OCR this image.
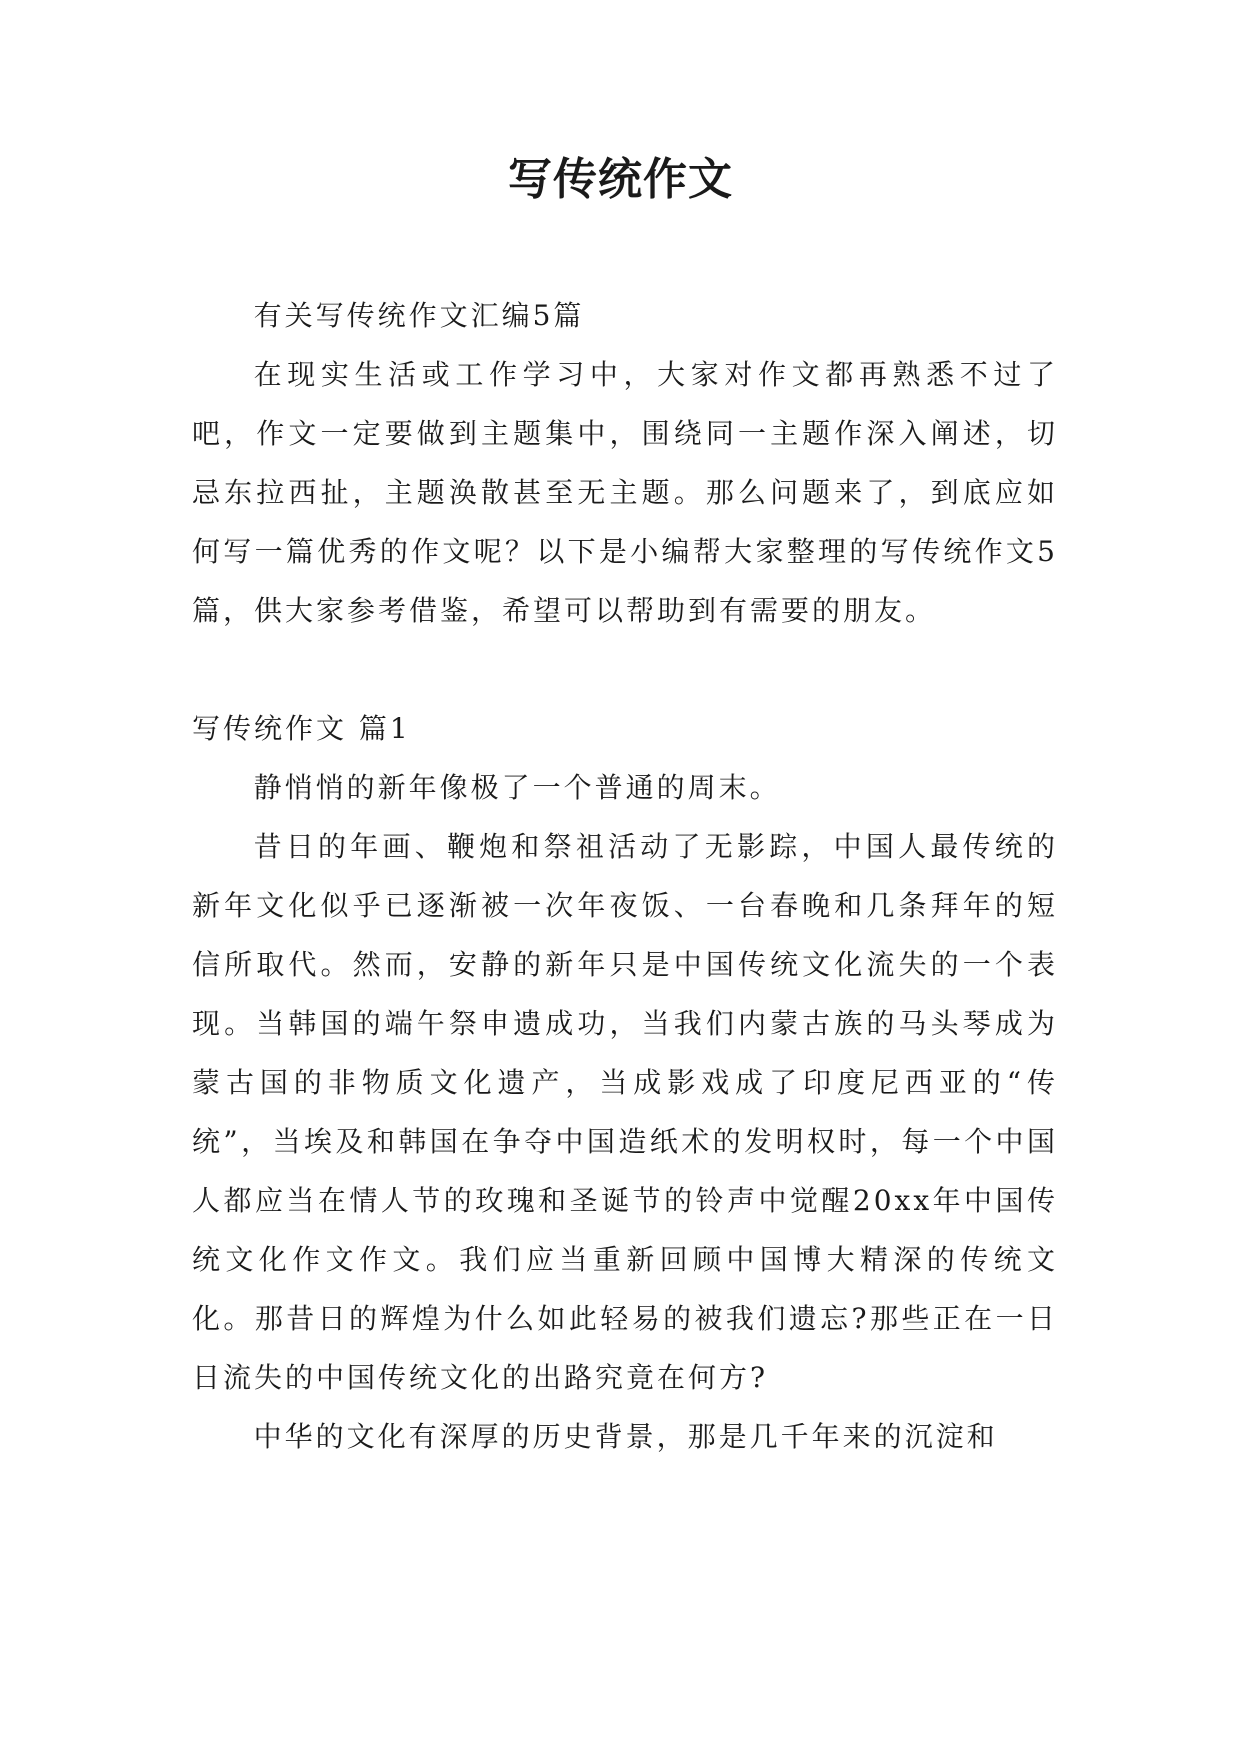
写传统作文

有关写传统作文汇编5篇

在现实生活或工作学习中，大家对作文都再熟悉不过了吧，作文一定要做到主题集中，围绕同一主题作深入阐述，切忌东拉西扯，主题涣散甚至无主题。那么问题来了，到底应如何写一篇优秀的作文呢？以下是小编帮大家整理的写传统作文5篇，供大家参考借鉴，希望可以帮助到有需要的朋友。

写传统作文 篇1

静悄悄的新年像极了一个普通的周末。

昔日的年画、鞭炮和祭祖活动了无影踪，中国人最传统的新年文化似乎已逐渐被一次年夜饭、一台春晚和几条拜年的短信所取代。然而，安静的新年只是中国传统文化流失的一个表现。当韩国的端午祭申遗成功，当我们内蒙古族的马头琴成为蒙古国的非物质文化遗产，当成影戏成了印度尼西亚的“传统”，当埃及和韩国在争夺中国造纸术的发明权时，每一个中国人都应当在情人节的玫瑰和圣诞节的铃声中觉醒20xx年中国传统文化作文作文。我们应当重新回顾中国博大精深的传统文化。那昔日的辉煌为什么如此轻易的被我们遗忘?那些正在一日日流失的中国传统文化的出路究竟在何方?

中华的文化有深厚的历史背景，那是几千年来的沉淀和
